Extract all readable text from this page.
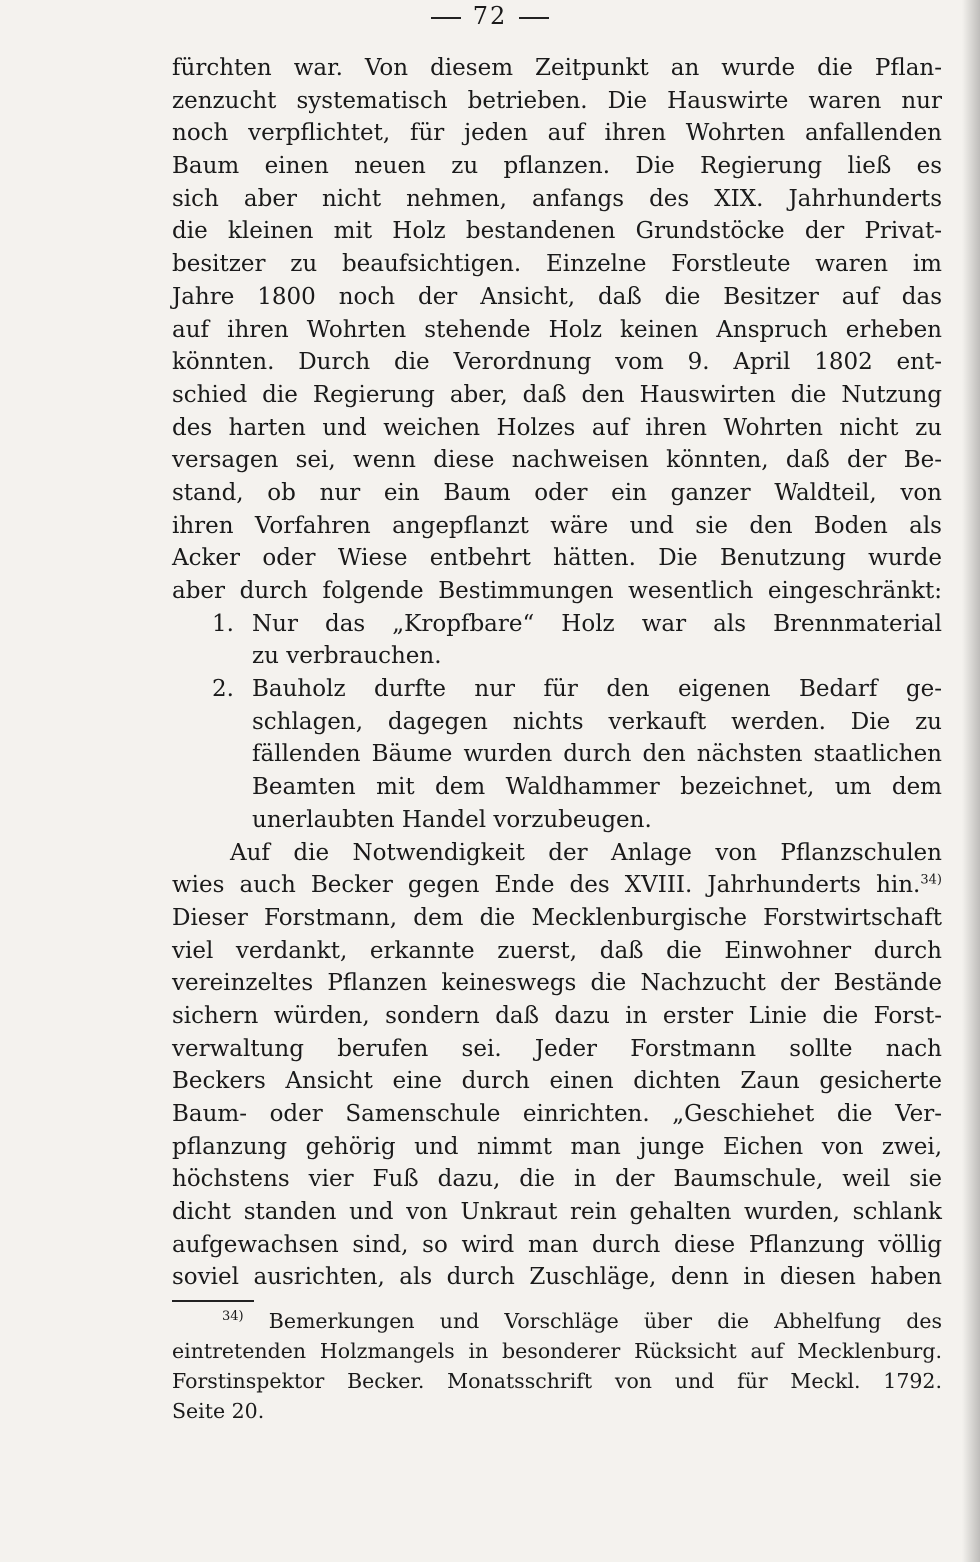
72
fürchten war. Von diesem Zeitpunkt an wurde die Pflan-
zenzucht systematisch betrieben. Die Hauswirte waren nur
noch verpflichtet, für jeden auf ihren Wohrten anfallenden
Baum einen neuen zu pflanzen. Die Regierung ließ es
sich aber nicht nehmen, anfangs des XIX. Jahrhunderts
die kleinen mit Holz bestandenen Grundstöcke der Privat-
besitzer zu beaufsichtigen. Einzelne Forstleute waren im
Jahre 1800 noch der Ansicht, daß die Besitzer auf das
auf ihren Wohrten stehende Holz keinen Anspruch erheben
könnten. Durch die Verordnung vom 9. April 1802 ent-
schied die Regierung aber, daß den Hauswirten die Nutzung
des harten und weichen Holzes auf ihren Wohrten nicht zu
versagen sei, wenn diese nachweisen könnten, daß der Be-
stand, ob nur ein Baum oder ein ganzer Waldteil, von
ihren Vorfahren angepflanzt wäre und sie den Boden als
Acker oder Wiese entbehrt hätten. Die Benutzung wurde
aber durch folgende Bestimmungen wesentlich eingeschränkt:
1. Nur das „Kropfbare“ Holz war als Brennmaterial
zu verbrauchen.
2. Bauholz durfte nur für den eigenen Bedarf ge-
schlagen, dagegen nichts verkauft werden. Die zu
fällenden Bäume wurden durch den nächsten staatlichen
Beamten mit dem Waldhammer bezeichnet, um dem
unerlaubten Handel vorzubeugen.
Auf die Notwendigkeit der Anlage von Pflanzschulen
wies auch Becker gegen Ende des XVIII. Jahrhunderts hin.$^{34)}$
Dieser Forstmann, dem die Mecklenburgische Forstwirtschaft
viel verdankt, erkannte zuerst, daß die Einwohner durch
vereinzeltes Pflanzen keineswegs die Nachzucht der Bestände
sichern würden, sondern daß dazu in erster Linie die Forst-
verwaltung berufen sei. Jeder Forstmann sollte nach
Beckers Ansicht eine durch einen dichten Zaun gesicherte
Baum- oder Samenschule einrichten. „Geschiehet die Ver-
pflanzung gehörig und nimmt man junge Eichen von zwei,
höchstens vier Fuß dazu, die in der Baumschule, weil sie
dicht standen und von Unkraut rein gehalten wurden, schlank
aufgewachsen sind, so wird man durch diese Pflanzung völlig
soviel ausrichten, als durch Zuschläge, denn in diesen haben
$^{34)}$ Bemerkungen und Vorschläge über die Abhelfung des
eintretenden Holzmangels in besonderer Rücksicht auf Mecklenburg.
Forstinspektor Becker. Monatsschrift von und für Meckl. 1792.
Seite 20.
